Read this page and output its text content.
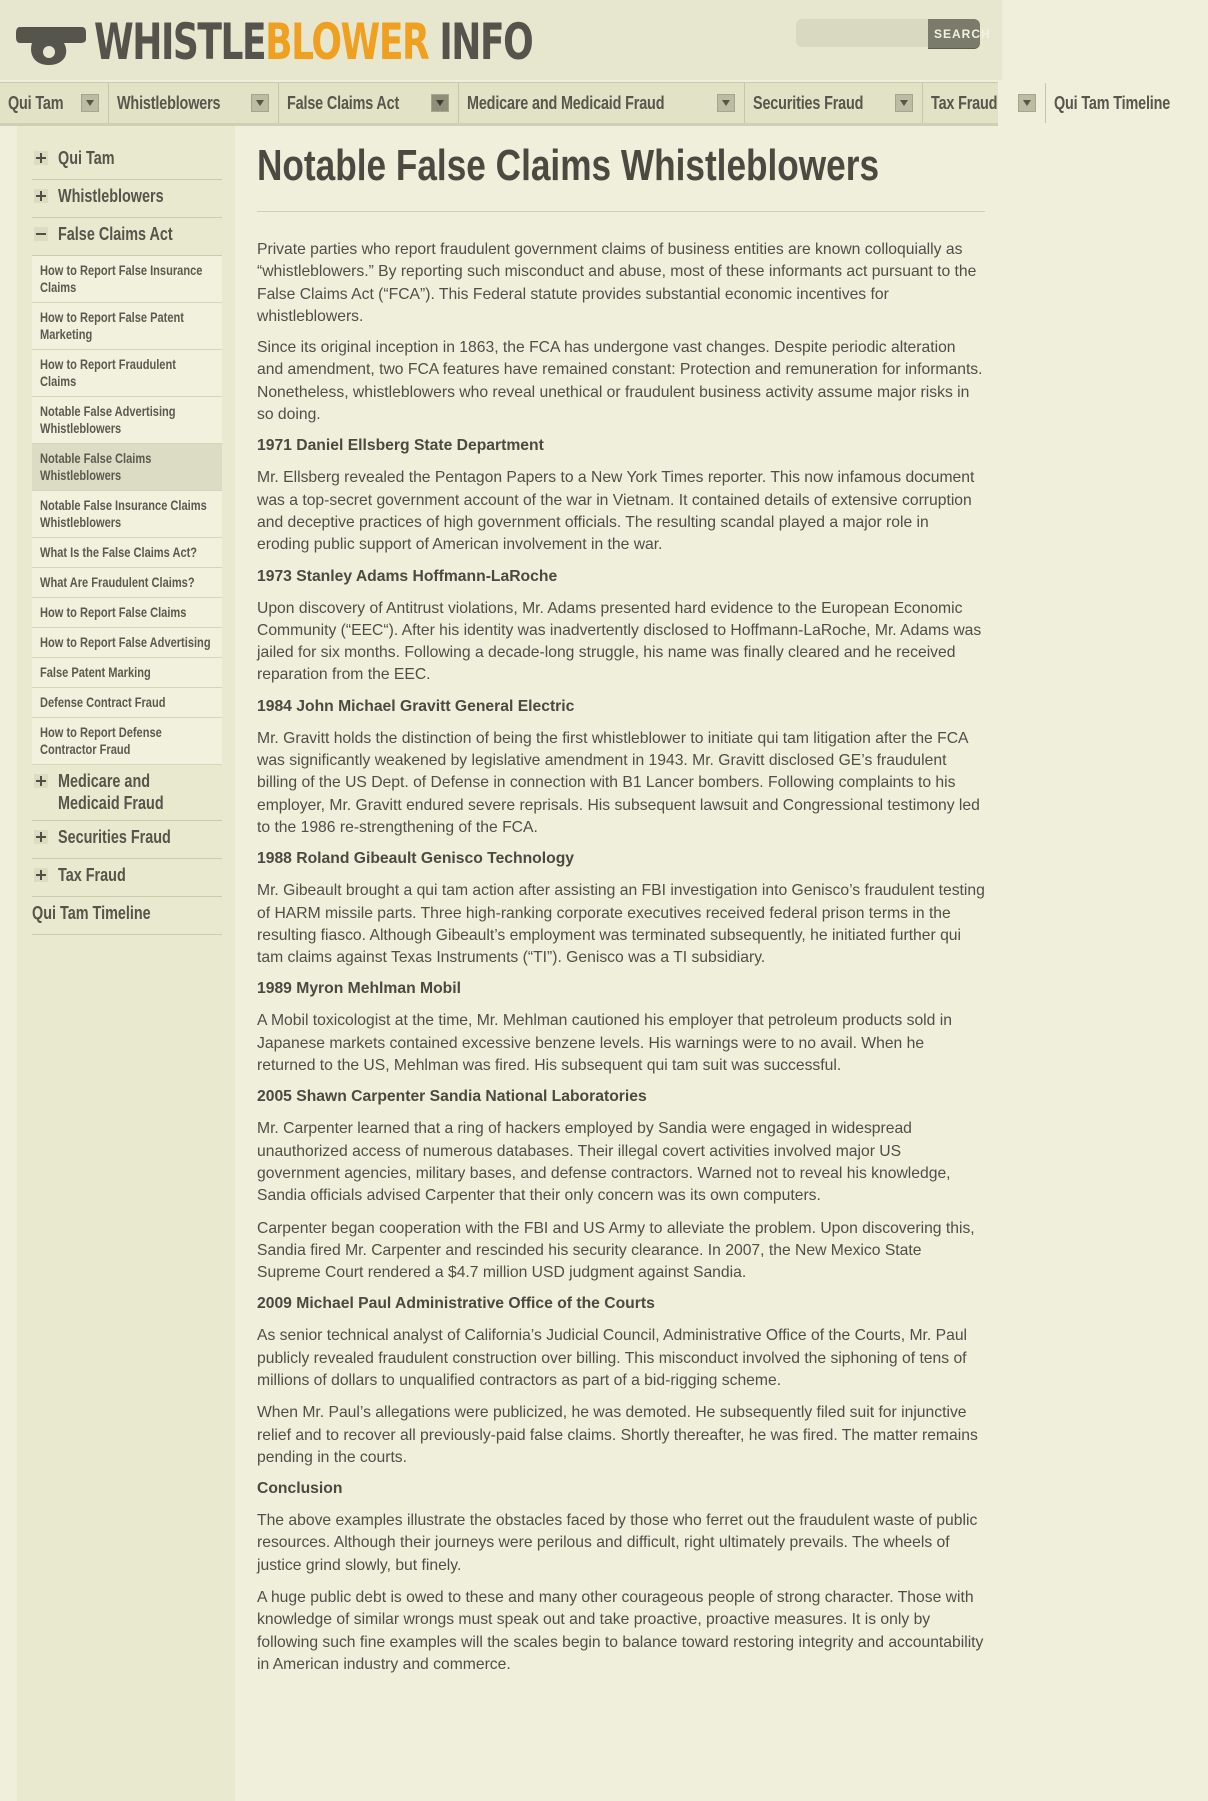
WHISTLEBLOWER INFO	SEARCH
Qui Tam	Whistleblowers	False Claims Act	Medicare and Medicaid Fraud	Securities Fraud	Tax Fraud	Qui Tam Timeline
Qui Tam
Whistleblowers
False Claims Act
How to Report False Insurance Claims
How to Report False Patent Marketing
How to Report Fraudulent Claims
Notable False Advertising Whistleblowers
Notable False Claims Whistleblowers
Notable False Insurance Claims Whistleblowers
What Is the False Claims Act?
What Are Fraudulent Claims?
How to Report False Claims
How to Report False Advertising
False Patent Marking
Defense Contract Fraud
How to Report Defense Contractor Fraud
Medicare and Medicaid Fraud
Securities Fraud
Tax Fraud
Qui Tam Timeline
Notable False Claims Whistleblowers

Private parties who report fraudulent government claims of business entities are known colloquially as “whistleblowers.” By reporting such misconduct and abuse, most of these informants act pursuant to the False Claims Act (“FCA”). This Federal statute provides substantial economic incentives for whistleblowers.

Since its original inception in 1863, the FCA has undergone vast changes. Despite periodic alteration and amendment, two FCA features have remained constant: Protection and remuneration for informants. Nonetheless, whistleblowers who reveal unethical or fraudulent business activity assume major risks in so doing.

1971 Daniel Ellsberg State Department

Mr. Ellsberg revealed the Pentagon Papers to a New York Times reporter. This now infamous document was a top-secret government account of the war in Vietnam. It contained details of extensive corruption and deceptive practices of high government officials. The resulting scandal played a major role in eroding public support of American involvement in the war.

1973 Stanley Adams Hoffmann-LaRoche

Upon discovery of Antitrust violations, Mr. Adams presented hard evidence to the European Economic Community (“EEC“). After his identity was inadvertently disclosed to Hoffmann-LaRoche, Mr. Adams was jailed for six months. Following a decade-long struggle, his name was finally cleared and he received reparation from the EEC.

1984 John Michael Gravitt General Electric

Mr. Gravitt holds the distinction of being the first whistleblower to initiate qui tam litigation after the FCA was significantly weakened by legislative amendment in 1943. Mr. Gravitt disclosed GE’s fraudulent billing of the US Dept. of Defense in connection with B1 Lancer bombers. Following complaints to his employer, Mr. Gravitt endured severe reprisals. His subsequent lawsuit and Congressional testimony led to the 1986 re-strengthening of the FCA.

1988 Roland Gibeault Genisco Technology

Mr. Gibeault brought a qui tam action after assisting an FBI investigation into Genisco’s fraudulent testing of HARM missile parts. Three high-ranking corporate executives received federal prison terms in the resulting fiasco. Although Gibeault’s employment was terminated subsequently, he initiated further qui tam claims against Texas Instruments (“TI”). Genisco was a TI subsidiary.

1989 Myron Mehlman Mobil

A Mobil toxicologist at the time, Mr. Mehlman cautioned his employer that petroleum products sold in Japanese markets contained excessive benzene levels. His warnings were to no avail. When he returned to the US, Mehlman was fired. His subsequent qui tam suit was successful.

2005 Shawn Carpenter Sandia National Laboratories

Mr. Carpenter learned that a ring of hackers employed by Sandia were engaged in widespread unauthorized access of numerous databases. Their illegal covert activities involved major US government agencies, military bases, and defense contractors. Warned not to reveal his knowledge, Sandia officials advised Carpenter that their only concern was its own computers.

Carpenter began cooperation with the FBI and US Army to alleviate the problem. Upon discovering this, Sandia fired Mr. Carpenter and rescinded his security clearance. In 2007, the New Mexico State Supreme Court rendered a $4.7 million USD judgment against Sandia.

2009 Michael Paul Administrative Office of the Courts

As senior technical analyst of California’s Judicial Council, Administrative Office of the Courts, Mr. Paul publicly revealed fraudulent construction over billing. This misconduct involved the siphoning of tens of millions of dollars to unqualified contractors as part of a bid-rigging scheme.

When Mr. Paul’s allegations were publicized, he was demoted. He subsequently filed suit for injunctive relief and to recover all previously-paid false claims. Shortly thereafter, he was fired. The matter remains pending in the courts.

Conclusion

The above examples illustrate the obstacles faced by those who ferret out the fraudulent waste of public resources. Although their journeys were perilous and difficult, right ultimately prevails. The wheels of justice grind slowly, but finely.

A huge public debt is owed to these and many other courageous people of strong character. Those with knowledge of similar wrongs must speak out and take proactive, proactive measures. It is only by following such fine examples will the scales begin to balance toward restoring integrity and accountability in American industry and commerce.
